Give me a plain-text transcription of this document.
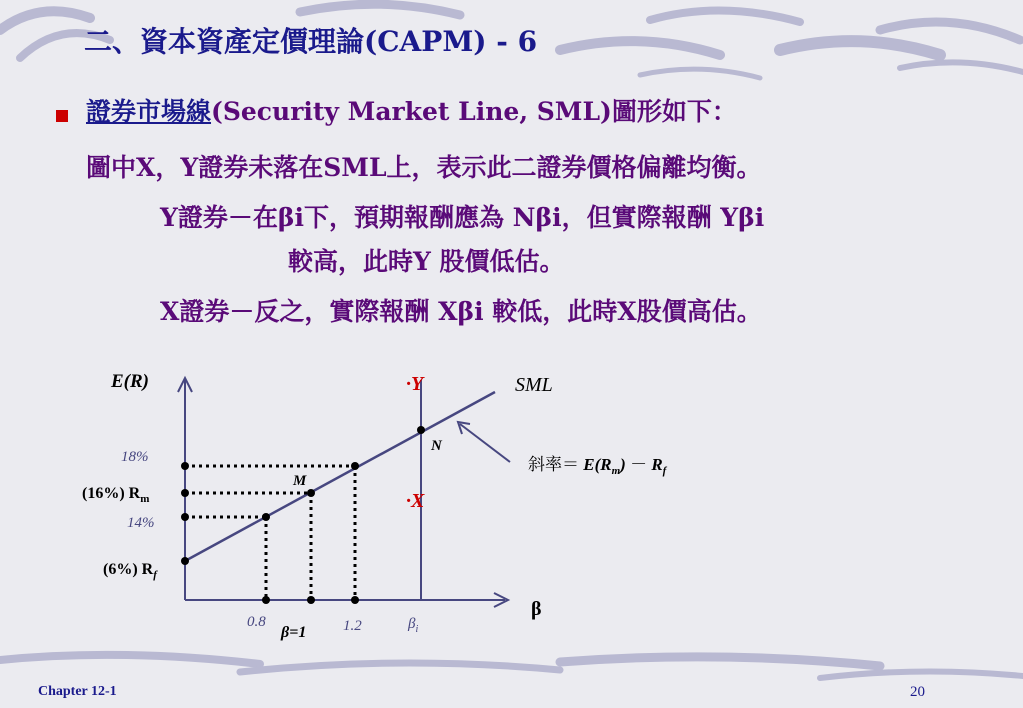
二、資本資產定價理論(CAPM) - 6
證券市場線(Security Market Line, SML)圖形如下：
圖中X，Y證券未落在SML上，表示此二證券價格偏離均衡。
Y證券－在βi下，預期報酬應為 Nβi，但實際報酬 Yβi
較高，此時Y 股價低估。
X證券－反之，實際報酬 Xβi 較低，此時X股價高估。
E(R)
β
SML
18%
(16%) $R_m$
14%
(6%) $R_f$
0.8
β=1 1.2	$\beta_i$
M
N
·Y
·X
斜率＝ $E(R_m) - R_f$
Chapter 12-1	20
